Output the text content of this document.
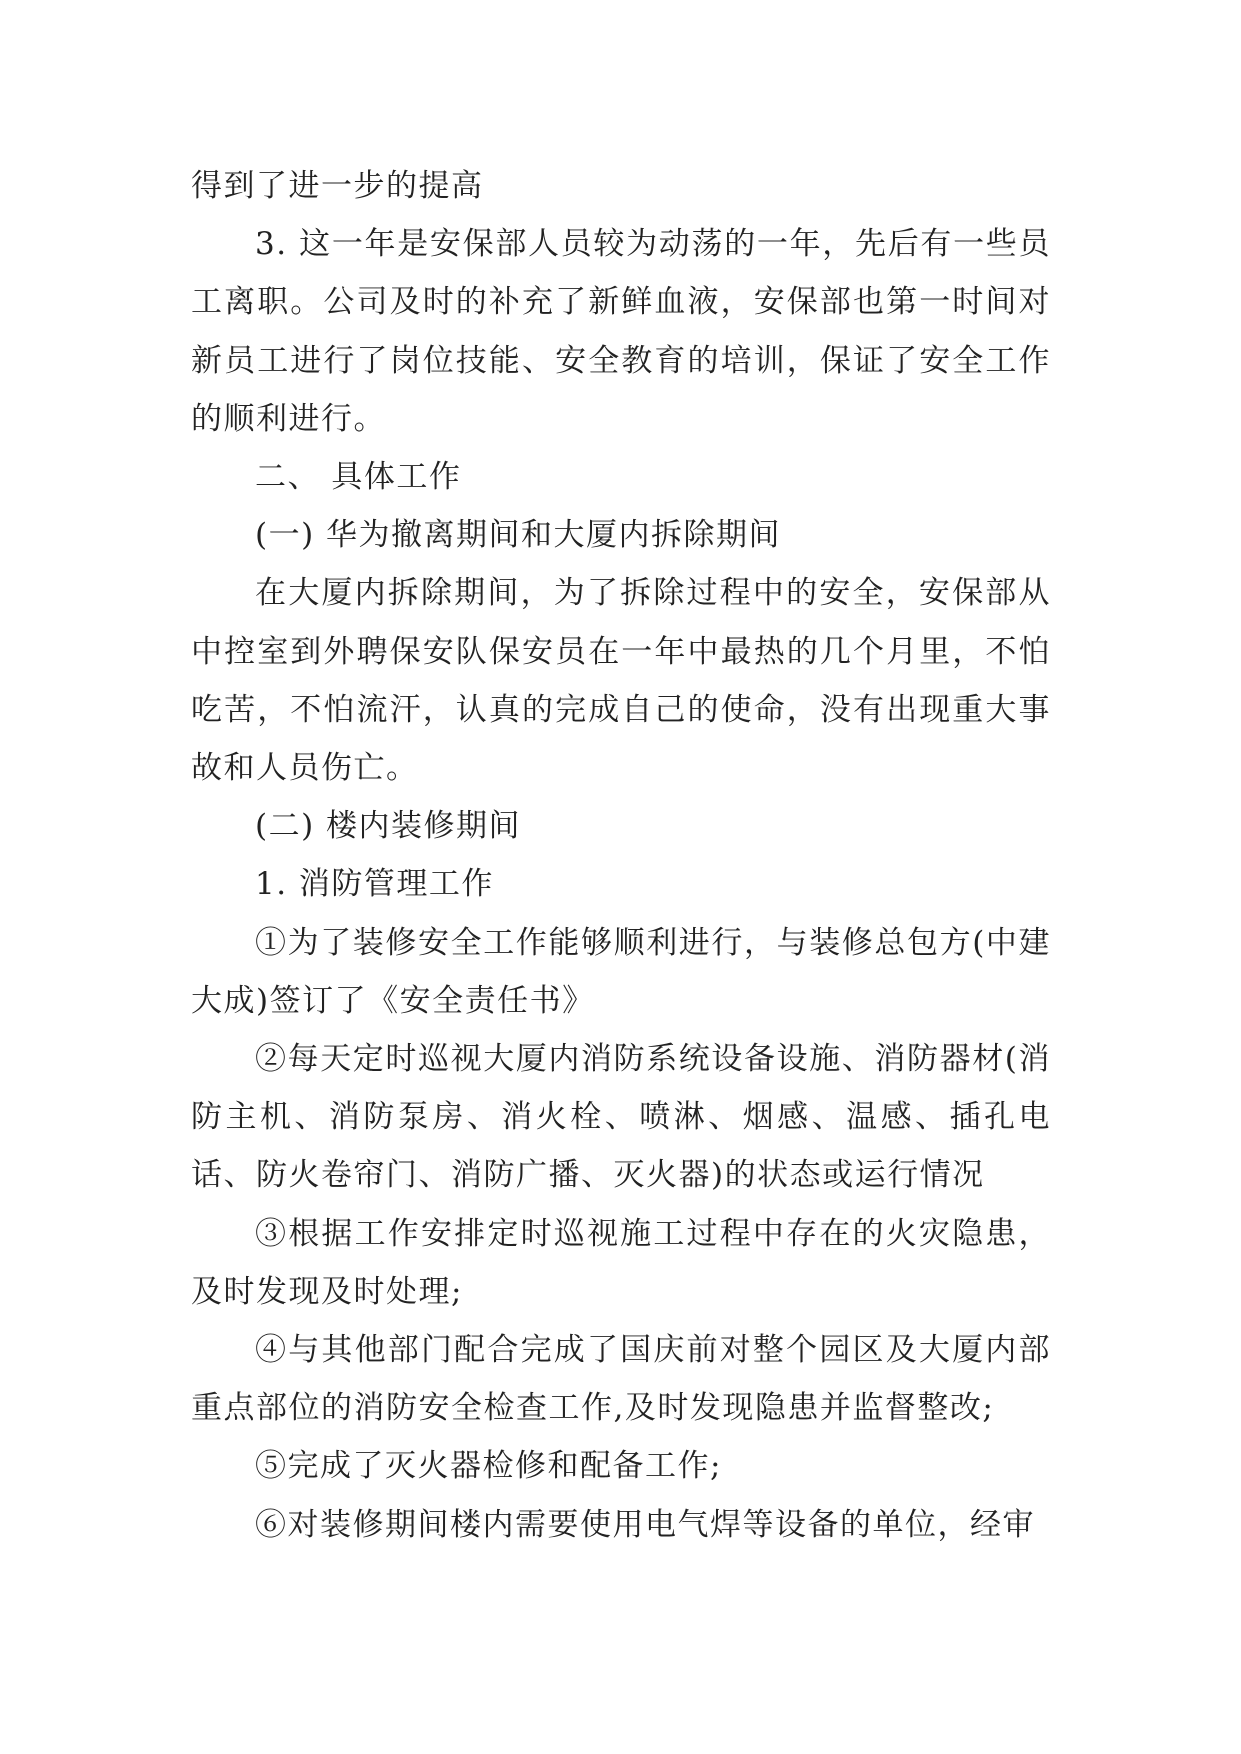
得到了进一步的提高

3. 这一年是安保部人员较为动荡的一年，先后有一些员工离职。公司及时的补充了新鲜血液，安保部也第一时间对新员工进行了岗位技能、安全教育的培训，保证了安全工作的顺利进行。

二、 具体工作

(一) 华为撤离期间和大厦内拆除期间

在大厦内拆除期间，为了拆除过程中的安全，安保部从中控室到外聘保安队保安员在一年中最热的几个月里，不怕吃苦，不怕流汗，认真的完成自己的使命，没有出现重大事故和人员伤亡。

(二) 楼内装修期间

1. 消防管理工作

①为了装修安全工作能够顺利进行，与装修总包方(中建大成)签订了《安全责任书》

②每天定时巡视大厦内消防系统设备设施、消防器材(消防主机、消防泵房、消火栓、喷淋、烟感、温感、插孔电话、防火卷帘门、消防广播、灭火器)的状态或运行情况

③根据工作安排定时巡视施工过程中存在的火灾隐患，及时发现及时处理;

④与其他部门配合完成了国庆前对整个园区及大厦内部重点部位的消防安全检查工作,及时发现隐患并监督整改;

⑤完成了灭火器检修和配备工作;

⑥对装修期间楼内需要使用电气焊等设备的单位，经审
